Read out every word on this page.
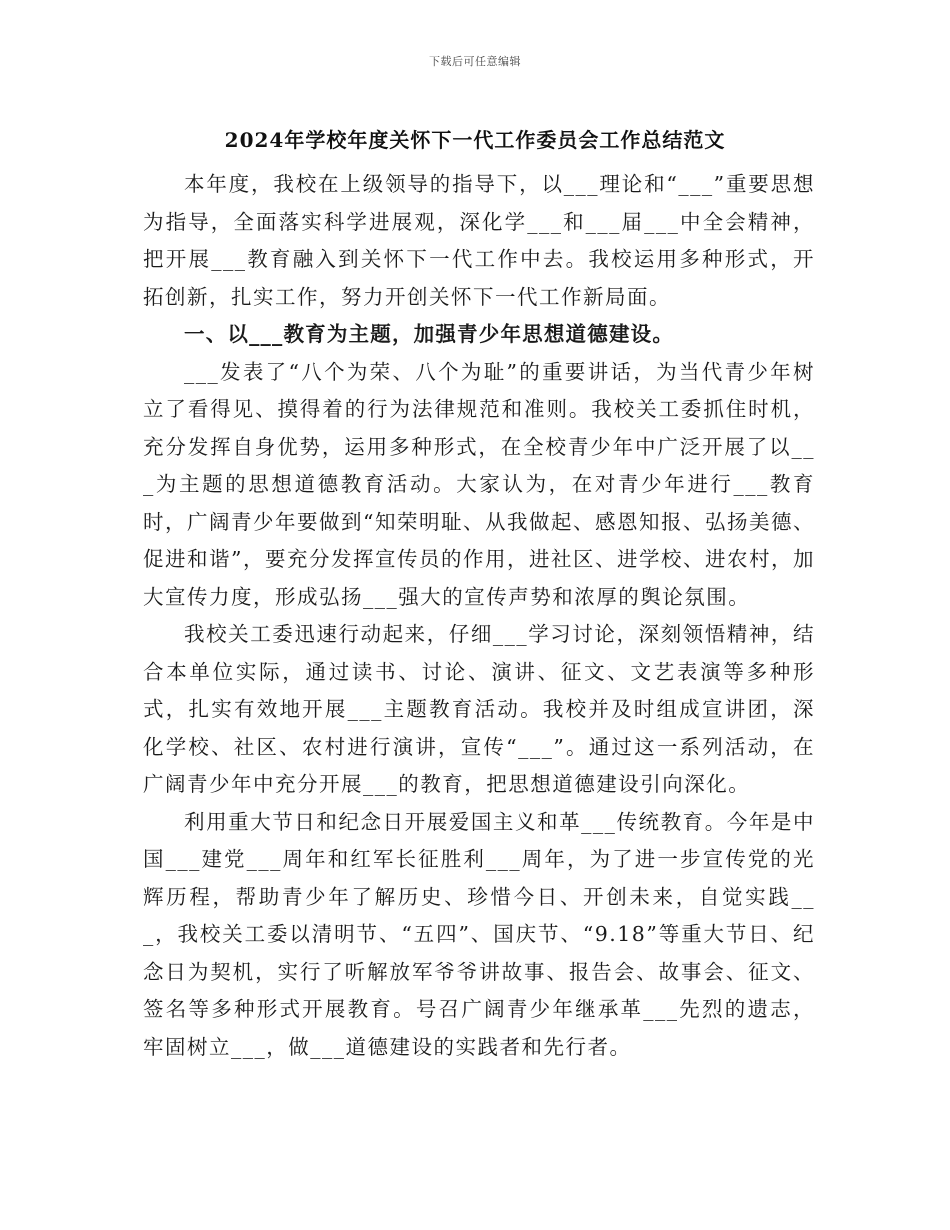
下载后可任意编辑
2024年学校年度关怀下一代工作委员会工作总结范文

本年度，我校在上级领导的指导下，以___理论和“___”重要思想为指导，全面落实科学进展观，深化学___和___届___中全会精神，把开展___教育融入到关怀下一代工作中去。我校运用多种形式，开拓创新，扎实工作，努力开创关怀下一代工作新局面。

一、以___教育为主题，加强青少年思想道德建设。

___发表了“八个为荣、八个为耻”的重要讲话，为当代青少年树立了看得见、摸得着的行为法律规范和准则。我校关工委抓住时机，充分发挥自身优势，运用多种形式，在全校青少年中广泛开展了以___为主题的思想道德教育活动。大家认为，在对青少年进行___教育时，广阔青少年要做到“知荣明耻、从我做起、感恩知报、弘扬美德、促进和谐”，要充分发挥宣传员的作用，进社区、进学校、进农村，加大宣传力度，形成弘扬___强大的宣传声势和浓厚的舆论氛围。

我校关工委迅速行动起来，仔细___学习讨论，深刻领悟精神，结合本单位实际，通过读书、讨论、演讲、征文、文艺表演等多种形式，扎实有效地开展___主题教育活动。我校并及时组成宣讲团，深化学校、社区、农村进行演讲，宣传“___”。通过这一系列活动，在广阔青少年中充分开展___的教育，把思想道德建设引向深化。

利用重大节日和纪念日开展爱国主义和革___传统教育。今年是中国___建党___周年和红军长征胜利___周年，为了进一步宣传党的光辉历程，帮助青少年了解历史、珍惜今日、开创未来，自觉实践___，我校关工委以清明节、“五四”、国庆节、“9.18”等重大节日、纪念日为契机，实行了听解放军爷爷讲故事、报告会、故事会、征文、签名等多种形式开展教育。号召广阔青少年继承革___先烈的遗志，牢固树立___，做___道德建设的实践者和先行者。
